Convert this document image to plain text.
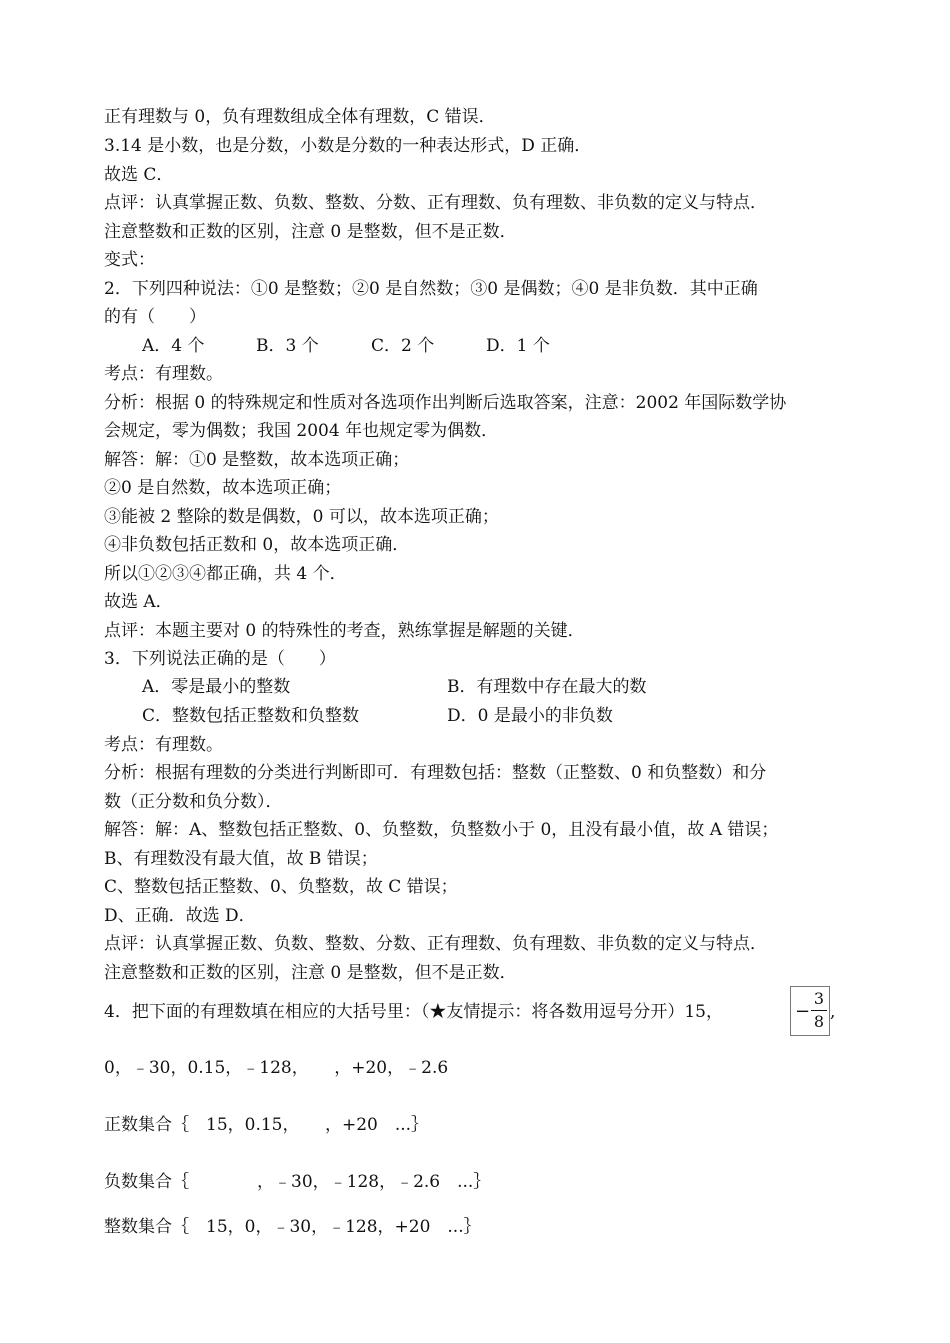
正有理数与 0，负有理数组成全体有理数，C 错误．
3.14 是小数，也是分数，小数是分数的一种表达形式，D 正确．
故选 C．
点评：认真掌握正数、负数、整数、分数、正有理数、负有理数、非负数的定义与特点．
注意整数和正数的区别，注意 0 是整数，但不是正数．
变式：
2．下列四种说法：①0 是整数；②0 是自然数；③0 是偶数；④0 是非负数．其中正确
的有（　　）
A．4 个	B．3 个	C．2 个	D．1 个
考点：有理数。
分析：根据 0 的特殊规定和性质对各选项作出判断后选取答案，注意：2002 年国际数学协
会规定，零为偶数；我国 2004 年也规定零为偶数．
解答：解：①0 是整数，故本选项正确；
②0 是自然数，故本选项正确；
③能被 2 整除的数是偶数，0 可以，故本选项正确；
④非负数包括正数和 0，故本选项正确．
所以①②③④都正确，共 4 个．
故选 A．
点评：本题主要对 0 的特殊性的考查，熟练掌握是解题的关键．
3．下列说法正确的是（　　）
A．零是最小的整数	B．有理数中存在最大的数
C．整数包括正整数和负整数	D．0 是最小的非负数
考点：有理数。
分析：根据有理数的分类进行判断即可．有理数包括：整数（正整数、0 和负整数）和分
数（正分数和负分数）．
解答：解：A、整数包括正整数、0、负整数，负整数小于 0，且没有最小值，故 A 错误；
B、有理数没有最大值，故 B 错误；
C、整数包括正整数、0、负整数，故 C 错误；
D、正确．故选 D．
点评：认真掌握正数、负数、整数、分数、正有理数、负有理数、非负数的定义与特点．
注意整数和正数的区别，注意 0 是整数，但不是正数．
4．把下面的有理数填在相应的大括号里：（★友情提示：将各数用逗号分开）15，	−
3
8 ,
0，﹣30，0.15，﹣128，　　，+20，﹣2.6
正数集合｛　15，0.15，　　，+20　...｝
负数集合｛　　　　，﹣30，﹣128，﹣2.6　...｝
整数集合｛　15，0，﹣30，﹣128，+20　...｝
